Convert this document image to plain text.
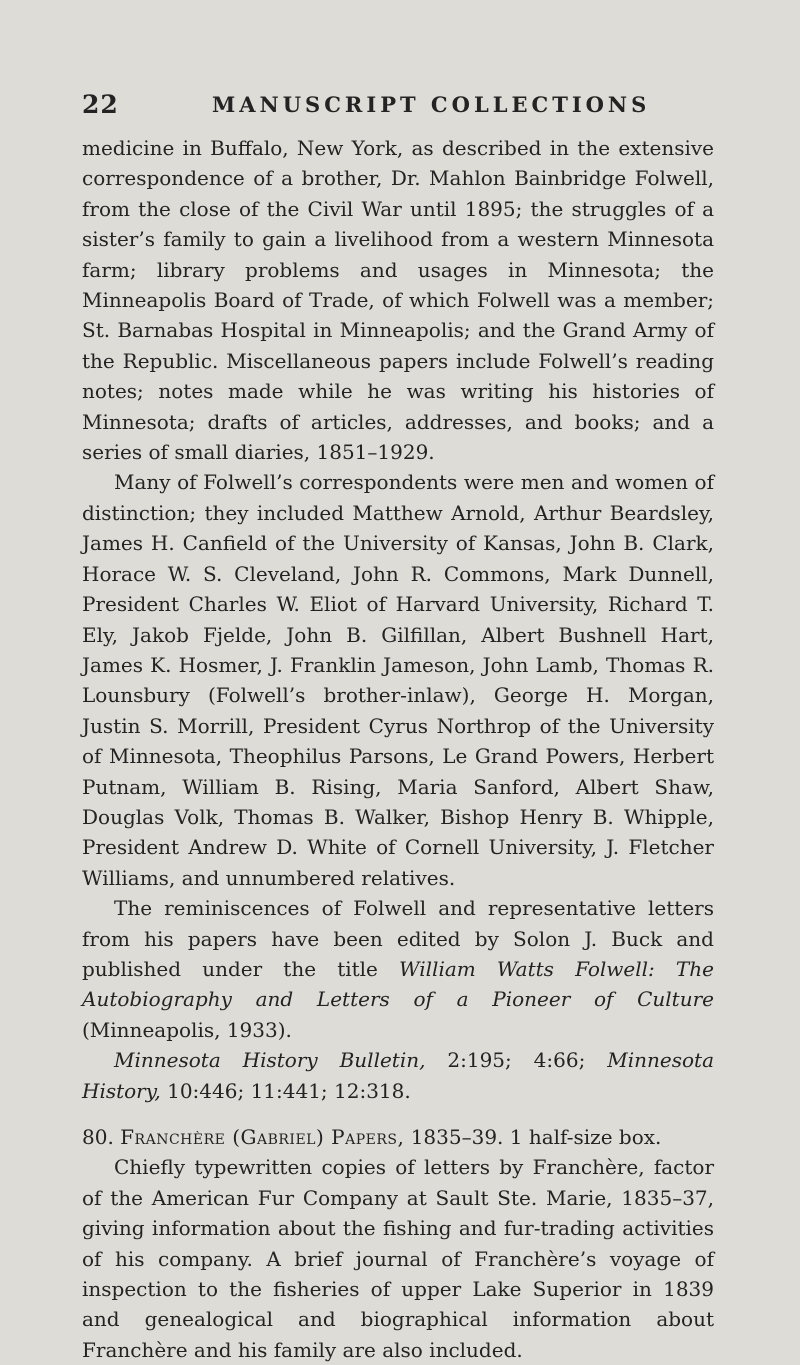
22	MANUSCRIPT COLLECTIONS

medicine in Buffalo, New York, as described in the extensive correspondence of a brother, Dr. Mahlon Bainbridge Folwell, from the close of the Civil War until 1895; the struggles of a sister’s family to gain a livelihood from a western Minnesota farm; library problems and usages in Minnesota; the Minneapolis Board of Trade, of which Folwell was a member; St. Barnabas Hospital in Minneapolis; and the Grand Army of the Republic. Miscellaneous papers include Folwell’s reading notes; notes made while he was writing his histories of Minnesota; drafts of articles, addresses, and books; and a series of small diaries, 1851–1929.

Many of Folwell’s correspondents were men and women of distinction; they included Matthew Arnold, Arthur Beardsley, James H. Canfield of the University of Kansas, John B. Clark, Horace W. S. Cleveland, John R. Commons, Mark Dunnell, President Charles W. Eliot of Harvard University, Richard T. Ely, Jakob Fjelde, John B. Gilfillan, Albert Bushnell Hart, James K. Hosmer, J. Franklin Jameson, John Lamb, Thomas R. Lounsbury (Folwell’s brother-inlaw), George H. Morgan, Justin S. Morrill, President Cyrus Northrop of the University of Minnesota, Theophilus Parsons, Le Grand Powers, Herbert Putnam, William B. Rising, Maria Sanford, Albert Shaw, Douglas Volk, Thomas B. Walker, Bishop Henry B. Whipple, President Andrew D. White of Cornell University, J. Fletcher Williams, and unnumbered relatives.

The reminiscences of Folwell and representative letters from his papers have been edited by Solon J. Buck and published under the title William Watts Folwell: The Autobiography and Letters of a Pioneer of Culture (Minneapolis, 1933).

Minnesota History Bulletin, 2:195; 4:66; Minnesota History, 10:446; 11:441; 12:318.

80. Franchère (Gabriel) Papers, 1835–39. 1 half-size box.

Chiefly typewritten copies of letters by Franchère, factor of the American Fur Company at Sault Ste. Marie, 1835–37, giving information about the fishing and fur-trading activities of his company. A brief journal of Franchère’s voyage of inspection to the fisheries of upper Lake Superior in 1839 and genealogical and biographical information about Franchère and his family are also included.
